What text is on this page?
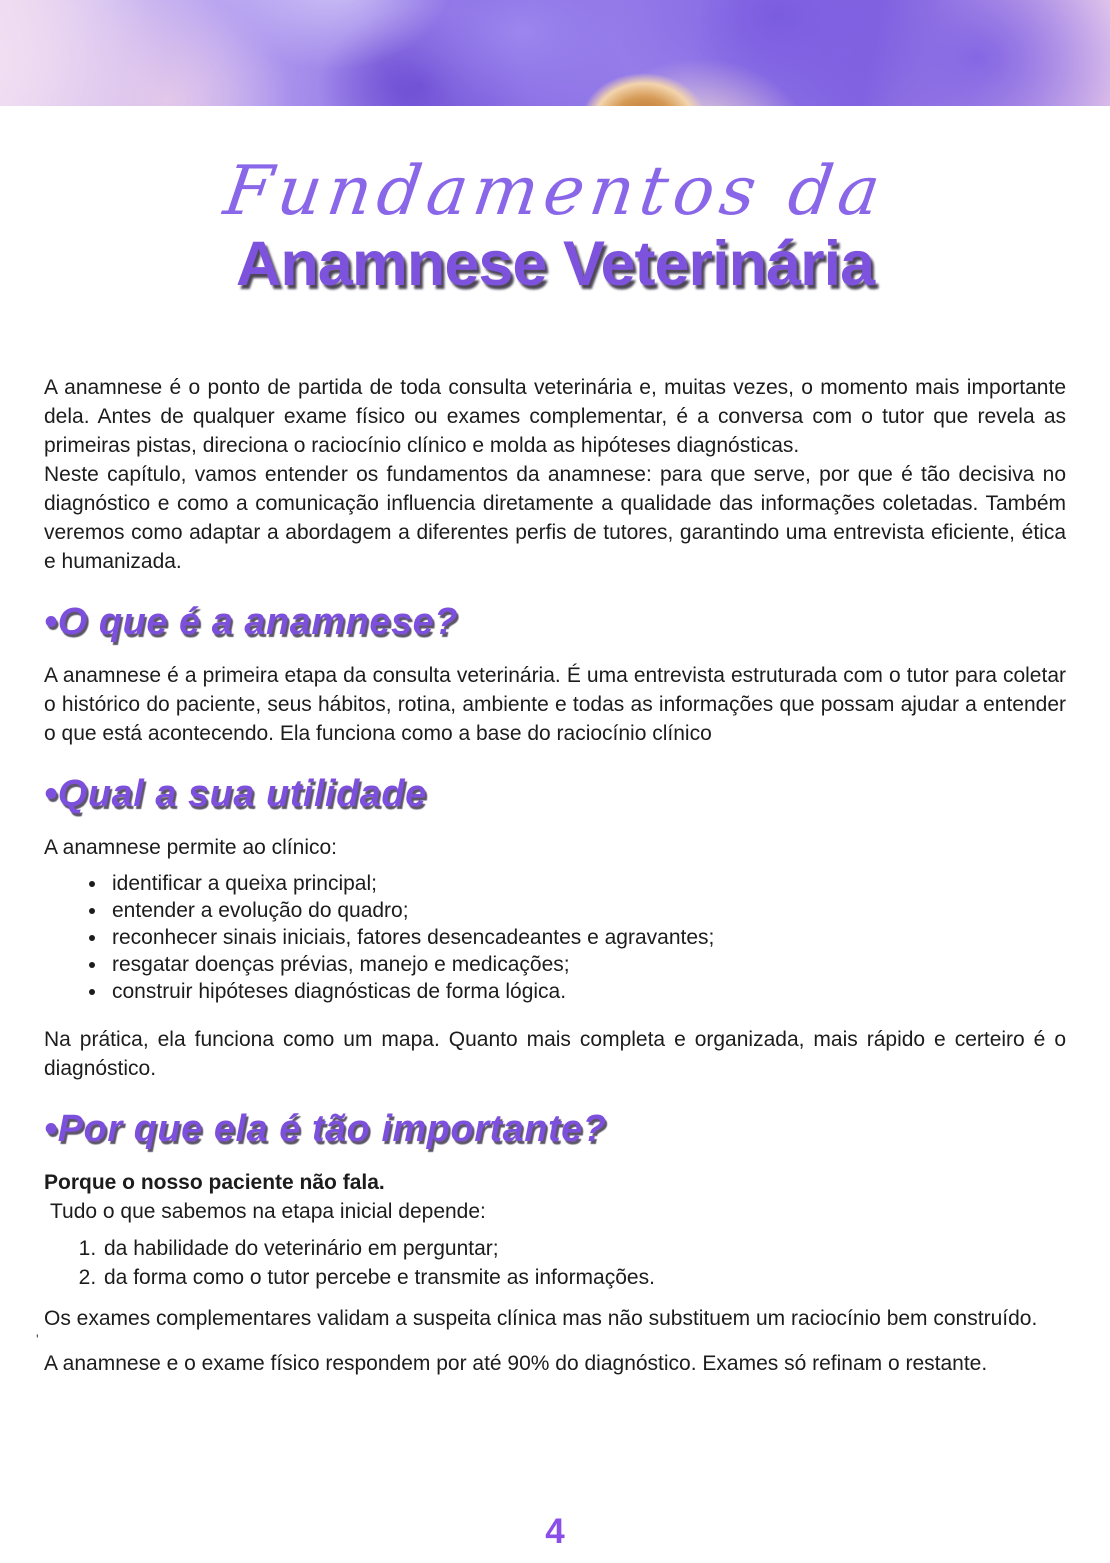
Fundamentos da
Anamnese Veterinária

A anamnese é o ponto de partida de toda consulta veterinária e, muitas vezes, o momento mais importante dela. Antes de qualquer exame físico ou exames complementar, é a conversa com o tutor que revela as primeiras pistas, direciona o raciocínio clínico e molda as hipóteses diagnósticas.

Neste capítulo, vamos entender os fundamentos da anamnese: para que serve, por que é tão decisiva no diagnóstico e como a comunicação influencia diretamente a qualidade das informações coletadas. Também veremos como adaptar a abordagem a diferentes perfis de tutores, garantindo uma entrevista eficiente, ética e humanizada.

•O que é a anamnese?

A anamnese é a primeira etapa da consulta veterinária. É uma entrevista estruturada com o tutor para coletar o histórico do paciente, seus hábitos, rotina, ambiente e todas as informações que possam ajudar a entender o que está acontecendo. Ela funciona como a base do raciocínio clínico

•Qual a sua utilidade

A anamnese permite ao clínico:

• identificar a queixa principal;
• entender a evolução do quadro;
• reconhecer sinais iniciais, fatores desencadeantes e agravantes;
• resgatar doenças prévias, manejo e medicações;
• construir hipóteses diagnósticas de forma lógica.

Na prática, ela funciona como um mapa. Quanto mais completa e organizada, mais rápido e certeiro é o diagnóstico.

•Por que ela é tão importante?

Porque o nosso paciente não fala.

Tudo o que sabemos na etapa inicial depende:

1. da habilidade do veterinário em perguntar;
2. da forma como o tutor percebe e transmite as informações.

Os exames complementares validam a suspeita clínica mas não substituem um raciocínio bem construído.

'

A anamnese e o exame físico respondem por até 90% do diagnóstico. Exames só refinam o restante.

4
